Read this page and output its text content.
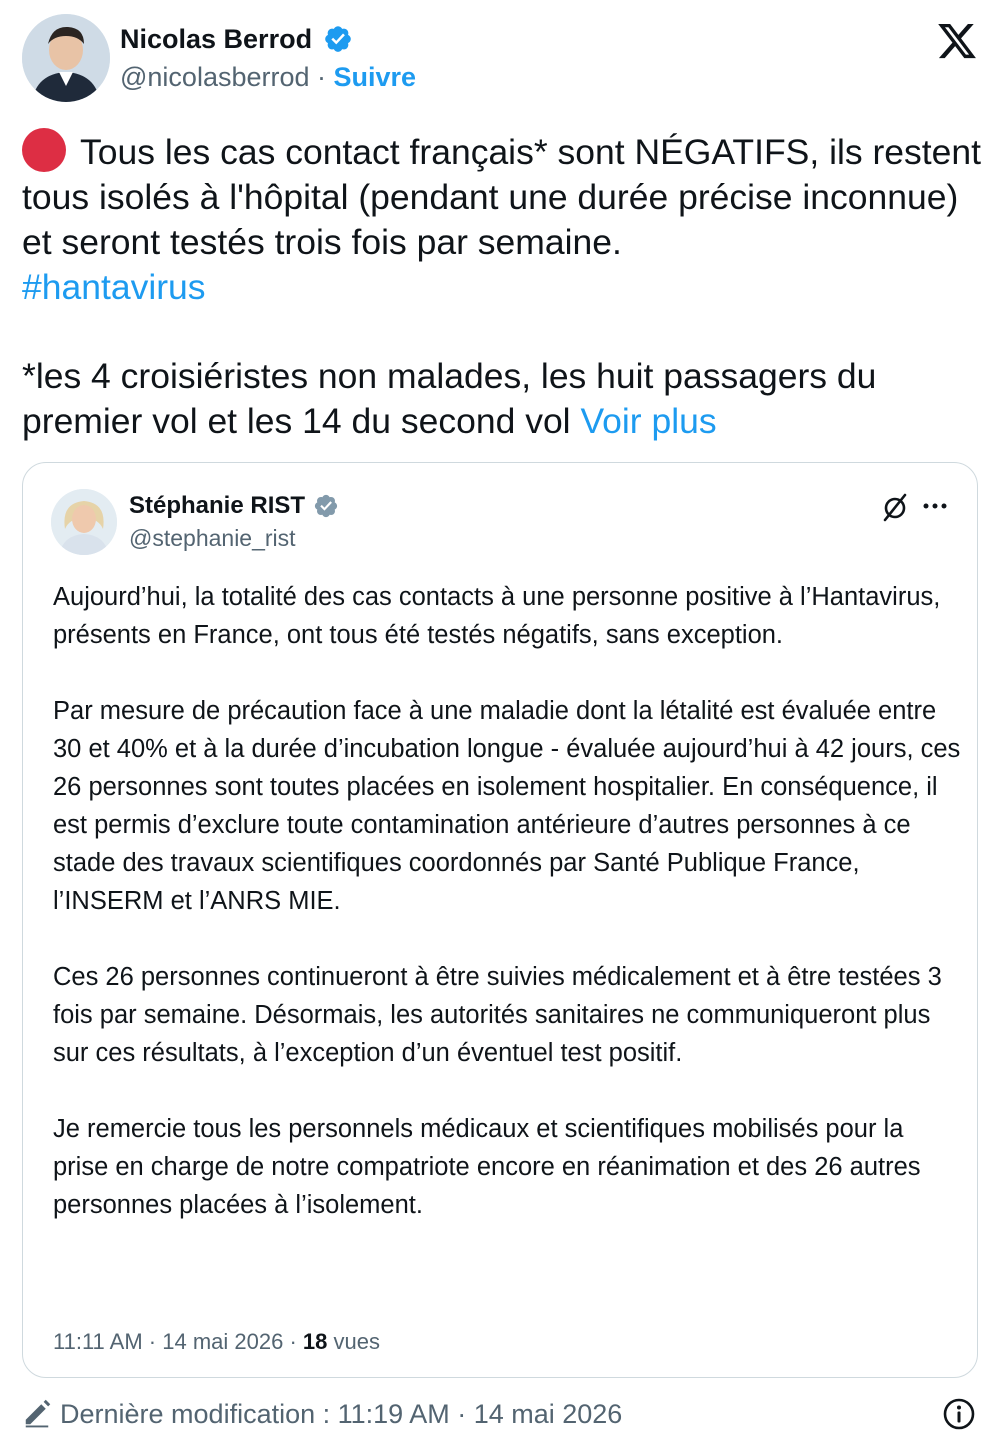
Nicolas Berrod
@nicolasberrod · Suivre

Tous les cas contact français* sont NÉGATIFS, ils restent tous isolés à l'hôpital (pendant une durée précise inconnue) et seront testés trois fois par semaine.
#hantavirus

*les 4 croisiéristes non malades, les huit passagers du premier vol et les 14 du second vol Voir plus

Stéphanie RIST
@stephanie_rist

Aujourd’hui, la totalité des cas contacts à une personne positive à l’Hantavirus, présents en France, ont tous été testés négatifs, sans exception.

Par mesure de précaution face à une maladie dont la létalité est évaluée entre 30 et 40% et à la durée d’incubation longue - évaluée aujourd’hui à 42 jours, ces 26 personnes sont toutes placées en isolement hospitalier. En conséquence, il est permis d’exclure toute contamination antérieure d’autres personnes à ce stade des travaux scientifiques coordonnés par Santé Publique France, l’INSERM et l’ANRS MIE.

Ces 26 personnes continueront à être suivies médicalement et à être testées 3 fois par semaine. Désormais, les autorités sanitaires ne communiqueront plus sur ces résultats, à l’exception d’un éventuel test positif.

Je remercie tous les personnels médicaux et scientifiques mobilisés pour la prise en charge de notre compatriote encore en réanimation et des 26 autres personnes placées à l’isolement.

11:11 AM · 14 mai 2026 · 18 vues
Dernière modification : 11:19 AM · 14 mai 2026
